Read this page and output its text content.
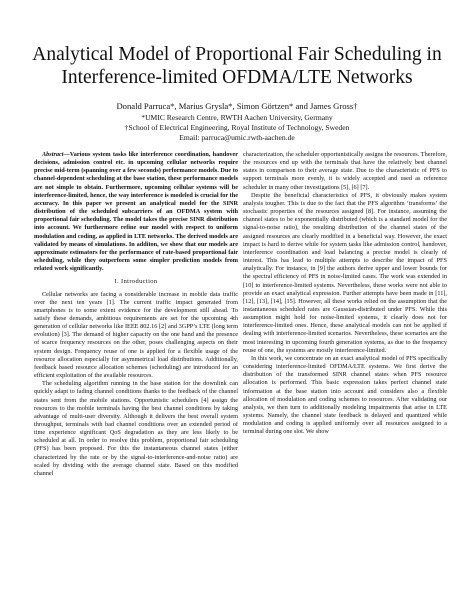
Analytical Model of Proportional Fair Scheduling in
Interference-limited OFDMA/LTE Networks
Donald Parruca*, Marius Grysla*, Simon Görtzen* and James Gross†
*UMIC Research Centre, RWTH Aachen University, Germany
†School of Electrical Engineering, Royal Institute of Technology, Sweden
Email: parruca@umic.rwth-aachen.de

Abstract—Various system tasks like interference coordination, handover decisions, admission control etc. in upcoming cellular networks require precise mid-term (spanning over a few seconds) performance models. Due to channel-dependent scheduling at the base station, these performance models are not simple to obtain. Furthermore, upcoming cellular systems will be interference-limited, hence, the way interference is modeled is crucial for the accuracy. In this paper we present an analytical model for the SINR distribution of the scheduled subcarriers of an OFDMA system with proportional fair scheduling. The model takes the precise SINR distribution into account. We furthermore refine our model with respect to uniform modulation and coding, as applied in LTE networks. The derived models are validated by means of simulations. In additon, we show that our models are approximate estimators for the performance of rate-based proportional fair scheduling, while they outperform some simpler prediction models from related work significantly.

I. Introduction

Cellular networks are facing a considerable increase in mobile data traffic over the next ten years [1]. The current traffic impact generated from smartphones is to some extent evidence for the development still ahead. To satisfy these demands, ambitious requirements are set for the upcoming 4th generation of cellular networks like IEEE 802.16 [2] and 3GPP’s LTE (long term evolution) [3]. The demand of higher capacity on the one hand and the presence of scarce frequency resources on the other, poses challenging aspects on their system design. Frequency reuse of one is applied for a flexible usage of the resource allocation especially for asymmetrical load distributions. Additionally, feedback based resource allocation schemes (scheduling) are introduced for an efficient exploitation of the available resources.

The scheduling algorithm running in the base station for the downlink can quickly adapt to fading channel conditions thanks to the feedback of the channel states sent from the mobile stations. Opportunistic schedulers [4] assign the resources to the mobile terminals having the best channel conditions by taking advantage of multi-user diversity. Although it delivers the best overall system throughput, terminals with bad channel conditions over an extended period of time experience significant QoS degradation as they are less likely to be scheduled at all. In order to resolve this problem, proportional fair scheduling (PFS) has been proposed. For this the instantaneous channel states (either characterized by the rate or by the signal-to-interference-and-noise ratio) are scaled by dividing with the average channel state. Based on this modified channel

characterization, the scheduler opportunistically assigns the resources. Therefore, the resources end up with the terminals that have the relatively best channel states in comparison to their average state. Due to the characteristic of PFS to support terminals more evenly, it is widely accepted and used as reference scheduler in many other investigations [5], [6] [7].

Despite the beneficial characteristics of PFS, it obviously makes system analysis tougher. This is due to the fact that the PFS algorithm ‘transforms’ the stochastic properties of the resources assigned [8]. For instance, assuming the channel states to be exponentially distributed (which is a standard model for the signal-to-noise ratio), the resulting distribution of the channel states of the assigned resources are clearly modified in a beneficial way. However, the exact impact is hard to derive while for system tasks like admission control, handover, interference coordination and load balancing a precise model is clearly of interest. This has lead to multiple attempts to describe the impact of PFS analytically. For instance, in [9] the authors derive upper and lower bounds for the spectral efficiency of PFS in noise-limited cases. The work was extended in [10] to interference-limited systems. Nevertheless, these works were not able to provide an exact analytical expression. Further attempts have been made in [11], [12], [13], [14], [15]. However, all these works relied on the assumption that the instantaneous scheduled rates are Gaussian-distributed under PFS. While this assumption might hold for noise-limited systems, it clearly does not for interference-limited ones. Hence, these analytical models can not be applied if dealing with interference-limited scenarios. Nevertheless, these scenarios are the most interesting in upcoming fourth generation systems, as due to the frequency reuse of one, the systems are mostly interference-limited.

In this work, we concentrate on an exact analytical model of PFS specifically considering interference-limited OFDMA/LTE systems. We first derive the distribution of the transformed SINR channel states when PFS resource allocation is performed. This basic expression takes perfect channel state information at the base station into account and considers also a flexible allocation of modulation and coding schemes to resources. After validating our analysis, we then turn to additionally modeling impairments that arise in LTE systems. Namely, the channel state feedback is delayed and quantized while modulation and coding is applied uniformly over all resources assigned to a terminal during one slot. We show
